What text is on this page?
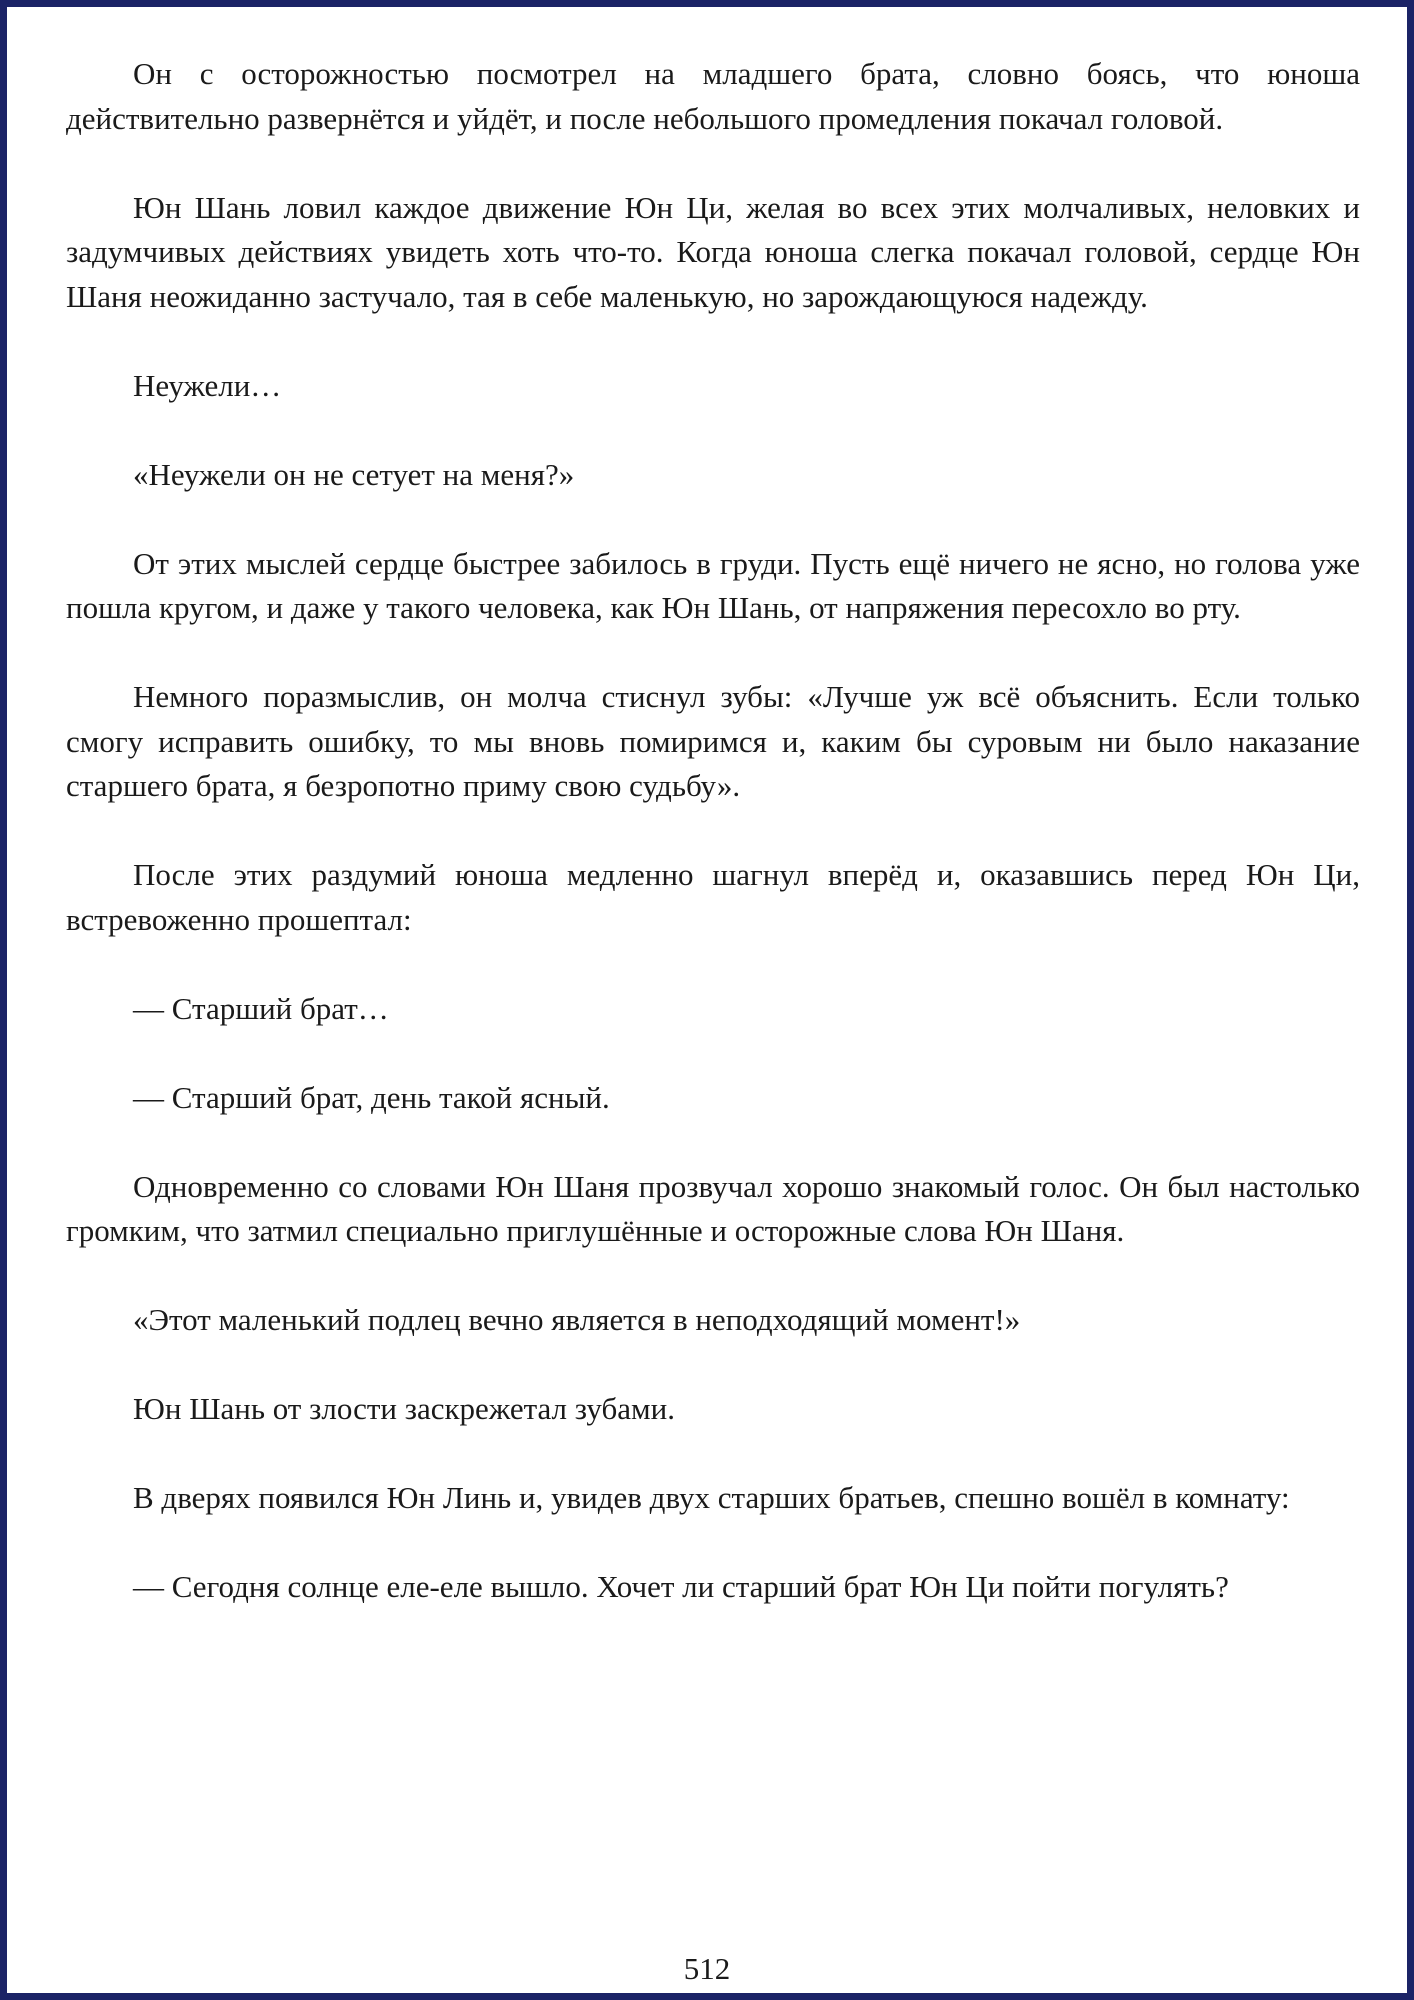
Он с осторожностью посмотрел на младшего брата, словно боясь, что юноша действительно развернётся и уйдёт, и после небольшого промедления покачал головой.

Юн Шань ловил каждое движение Юн Ци, желая во всех этих молчаливых, неловких и задумчивых действиях увидеть хоть что-то. Когда юноша слегка покачал головой, сердце Юн Шаня неожиданно застучало, тая в себе маленькую, но зарождающуюся надежду.

Неужели…

«Неужели он не сетует на меня?»

От этих мыслей сердце быстрее забилось в груди. Пусть ещё ничего не ясно, но голова уже пошла кругом, и даже у такого человека, как Юн Шань, от напряжения пересохло во рту.

Немного поразмыслив, он молча стиснул зубы: «Лучше уж всё объяснить. Если только смогу исправить ошибку, то мы вновь помиримся и, каким бы суровым ни было наказание старшего брата, я безропотно приму свою судьбу».

После этих раздумий юноша медленно шагнул вперёд и, оказавшись перед Юн Ци, встревоженно прошептал:

— Старший брат…

— Старший брат, день такой ясный.

Одновременно со словами Юн Шаня прозвучал хорошо знакомый голос. Он был настолько громким, что затмил специально приглушённые и осторожные слова Юн Шаня.

«Этот маленький подлец вечно является в неподходящий момент!»

Юн Шань от злости заскрежетал зубами.

В дверях появился Юн Линь и, увидев двух старших братьев, спешно вошёл в комнату:

— Сегодня солнце еле-еле вышло. Хочет ли старший брат Юн Ци пойти погулять?

512
